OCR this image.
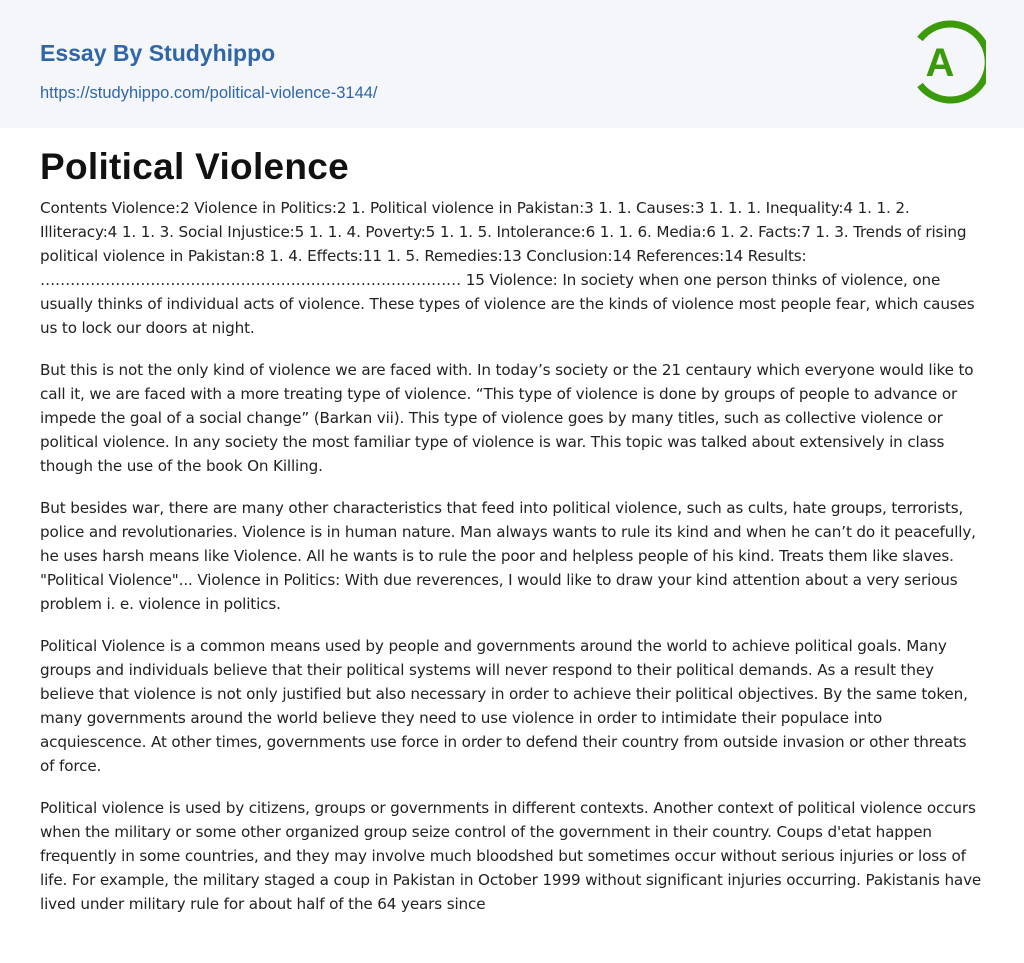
Essay By Studyhippo
https://studyhippo.com/political-violence-3144/
A
Political Violence

Contents Violence:2 Violence in Politics:2 1. Political violence in Pakistan:3 1. 1. Causes:3 1. 1. 1. Inequality:4 1. 1. 2. Illiteracy:4 1. 1. 3. Social Injustice:5 1. 1. 4. Poverty:5 1. 1. 5. Intolerance:6 1. 1. 6. Media:6 1. 2. Facts:7 1. 3. Trends of rising political violence in Pakistan:8 1. 4. Effects:11 1. 5. Remedies:13 Conclusion:14 References:14 Results: ………………………………………………………………………… 15 Violence: In society when one person thinks of violence, one usually thinks of individual acts of violence. These types of violence are the kinds of violence most people fear, which causes us to lock our doors at night.

But this is not the only kind of violence we are faced with. In today’s society or the 21 centaury which everyone would like to call it, we are faced with a more treating type of violence. “This type of violence is done by groups of people to advance or impede the goal of a social change” (Barkan vii). This type of violence goes by many titles, such as collective violence or political violence. In any society the most familiar type of violence is war. This topic was talked about extensively in class though the use of the book On Killing.

But besides war, there are many other characteristics that feed into political violence, such as cults, hate groups, terrorists, police and revolutionaries. Violence is in human nature. Man always wants to rule its kind and when he can’t do it peacefully, he uses harsh means like Violence. All he wants is to rule the poor and helpless people of his kind. Treats them like slaves. "Political Violence"... Violence in Politics: With due reverences, I would like to draw your kind attention about a very serious problem i. e. violence in politics.

Political Violence is a common means used by people and governments around the world to achieve political goals. Many groups and individuals believe that their political systems will never respond to their political demands. As a result they believe that violence is not only justified but also necessary in order to achieve their political objectives. By the same token, many governments around the world believe they need to use violence in order to intimidate their populace into acquiescence. At other times, governments use force in order to defend their country from outside invasion or other threats of force.

Political violence is used by citizens, groups or governments in different contexts. Another context of political violence occurs when the military or some other organized group seize control of the government in their country. Coups d'etat happen frequently in some countries, and they may involve much bloodshed but sometimes occur without serious injuries or loss of life. For example, the military staged a coup in Pakistan in October 1999 without significant injuries occurring. Pakistanis have lived under military rule for about half of the 64 years since
